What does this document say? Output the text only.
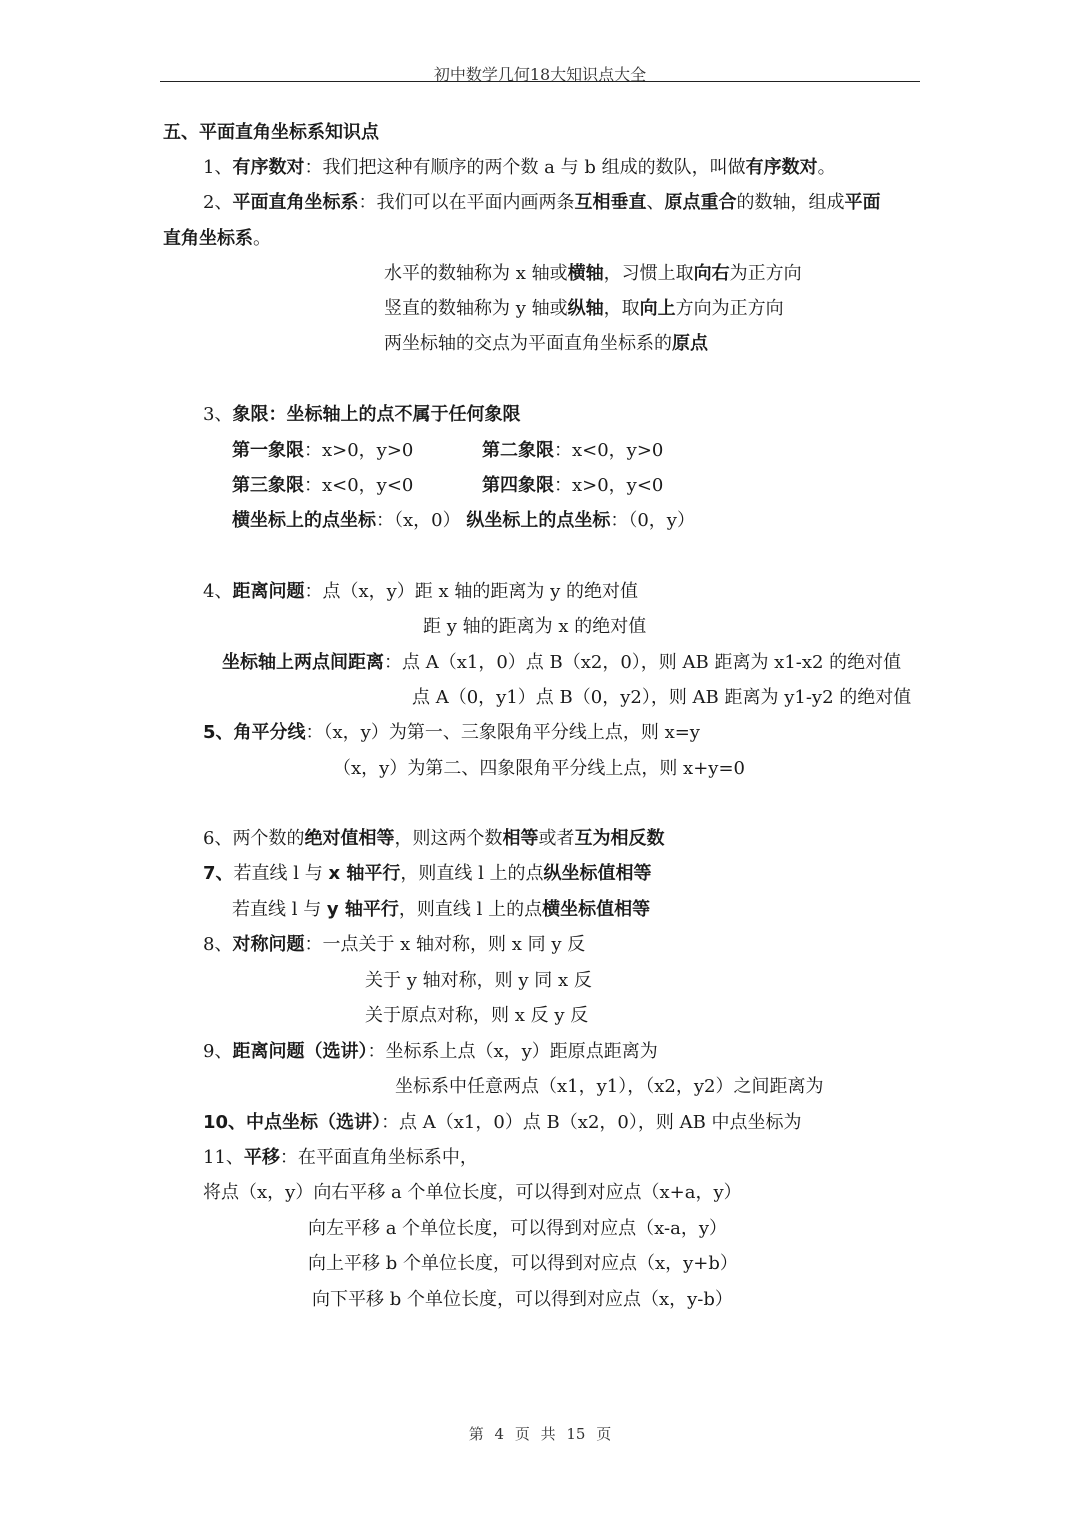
初中数学几何18大知识点大全
五、平面直角坐标系知识点
1、有序数对：我们把这种有顺序的两个数 a 与 b 组成的数队，叫做有序数对。
2、平面直角坐标系：我们可以在平面内画两条互相垂直、原点重合的数轴，组成平面
直角坐标系。
水平的数轴称为 x 轴或横轴，习惯上取向右为正方向
竖直的数轴称为 y 轴或纵轴，取向上方向为正方向
两坐标轴的交点为平面直角坐标系的原点
3、象限：坐标轴上的点不属于任何象限
第一象限：x>0，y>0	第二象限：x<0，y>0
第三象限：x<0，y<0	第四象限：x>0，y<0
横坐标上的点坐标：（x，0） 纵坐标上的点坐标：（0，y）
4、距离问题：点（x，y）距 x 轴的距离为 y 的绝对值
距 y 轴的距离为 x 的绝对值
坐标轴上两点间距离：点 A（x1，0）点 B（x2，0），则 AB 距离为 x1-x2 的绝对值
点 A（0，y1）点 B（0，y2），则 AB 距离为 y1-y2 的绝对值
5、角平分线：（x，y）为第一、三象限角平分线上点，则 x=y
（x，y）为第二、四象限角平分线上点，则 x+y=0
6、两个数的绝对值相等，则这两个数相等或者互为相反数
7、若直线 l 与 x 轴平行，则直线 l 上的点纵坐标值相等
若直线 l 与 y 轴平行，则直线 l 上的点横坐标值相等
8、对称问题：一点关于 x 轴对称，则 x 同 y 反
关于 y 轴对称，则 y 同 x 反
关于原点对称，则 x 反 y 反
9、距离问题（选讲）：坐标系上点（x，y）距原点距离为
坐标系中任意两点（x1，y1），（x2，y2）之间距离为
10、中点坐标（选讲）：点 A（x1，0）点 B（x2，0），则 AB 中点坐标为
11、平移：在平面直角坐标系中，
将点（x，y）向右平移 a 个单位长度，可以得到对应点（x+a，y）
向左平移 a 个单位长度，可以得到对应点（x-a，y）
向上平移 b 个单位长度，可以得到对应点（x，y+b）
向下平移 b 个单位长度，可以得到对应点（x，y-b）
第 4 页 共 15 页
